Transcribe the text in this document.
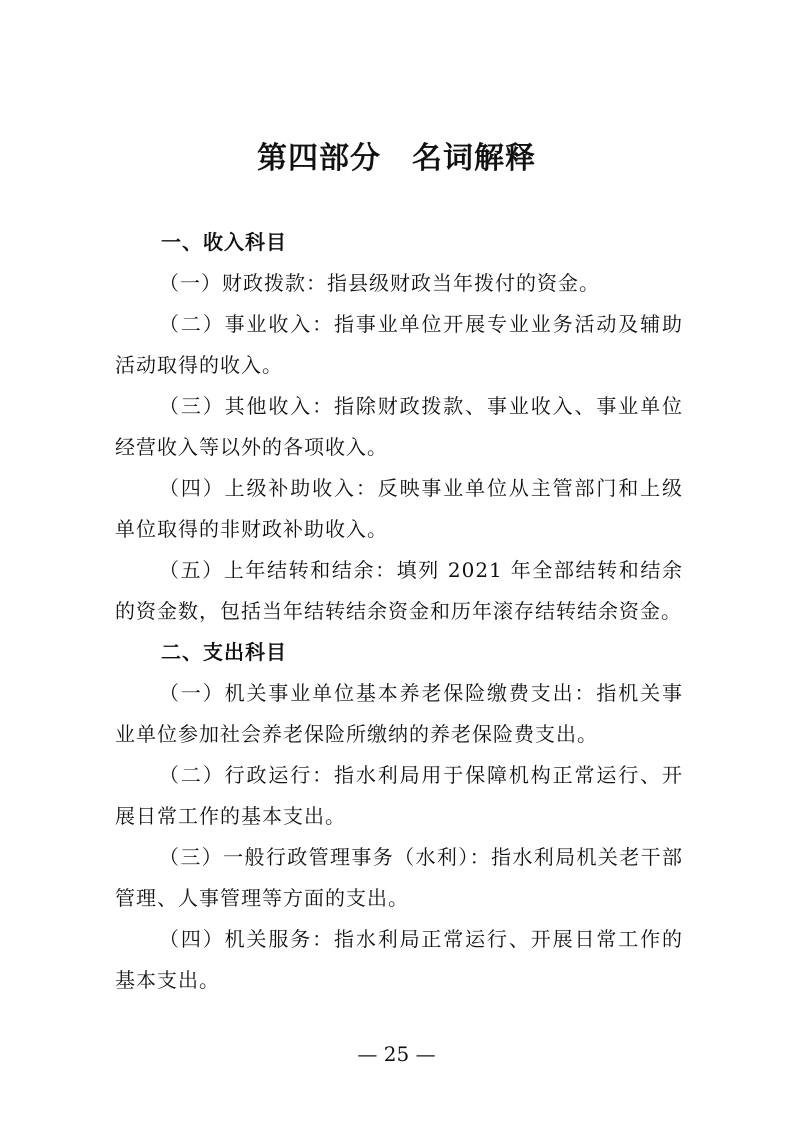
第四部分　名词解释

一、收入科目

（一）财政拨款：指县级财政当年拨付的资金。

（二）事业收入：指事业单位开展专业业务活动及辅助活动取得的收入。

（三）其他收入：指除财政拨款、事业收入、事业单位经营收入等以外的各项收入。

（四）上级补助收入：反映事业单位从主管部门和上级单位取得的非财政补助收入。

（五）上年结转和结余：填列 2021 年全部结转和结余的资金数，包括当年结转结余资金和历年滚存结转结余资金。

二、支出科目

（一）机关事业单位基本养老保险缴费支出：指机关事业单位参加社会养老保险所缴纳的养老保险费支出。

（二）行政运行：指水利局用于保障机构正常运行、开展日常工作的基本支出。

（三）一般行政管理事务（水利）：指水利局机关老干部管理、人事管理等方面的支出。

（四）机关服务：指水利局正常运行、开展日常工作的基本支出。

— 25 —
